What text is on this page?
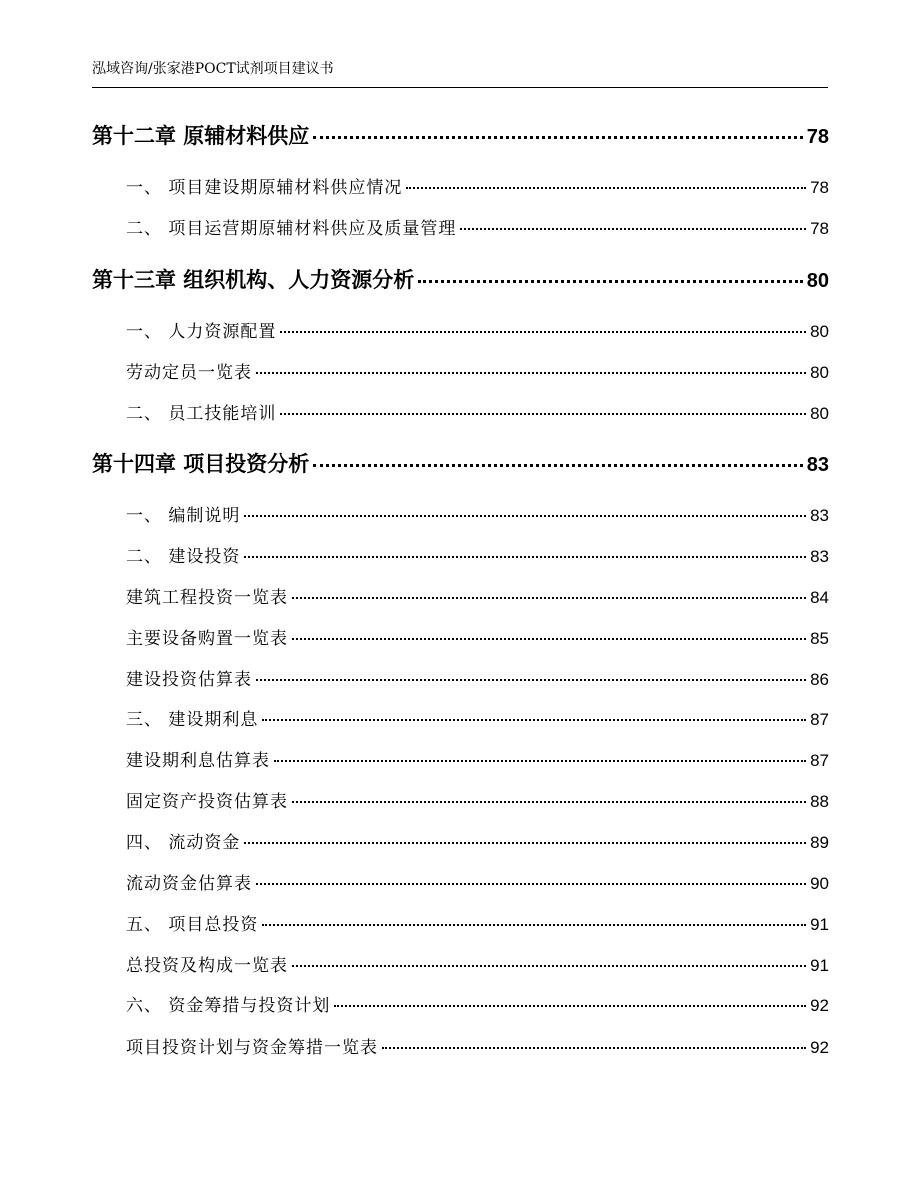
泓域咨询/张家港POCT试剂项目建议书
第十二章 原辅材料供应	78
一、 项目建设期原辅材料供应情况	78
二、 项目运营期原辅材料供应及质量管理	78
第十三章 组织机构、人力资源分析	80
一、 人力资源配置	80
劳动定员一览表	80
二、 员工技能培训	80
第十四章 项目投资分析	83
一、 编制说明	83
二、 建设投资	83
建筑工程投资一览表	84
主要设备购置一览表	85
建设投资估算表	86
三、 建设期利息	87
建设期利息估算表	87
固定资产投资估算表	88
四、 流动资金	89
流动资金估算表	90
五、 项目总投资	91
总投资及构成一览表	91
六、 资金筹措与投资计划	92
项目投资计划与资金筹措一览表	92
